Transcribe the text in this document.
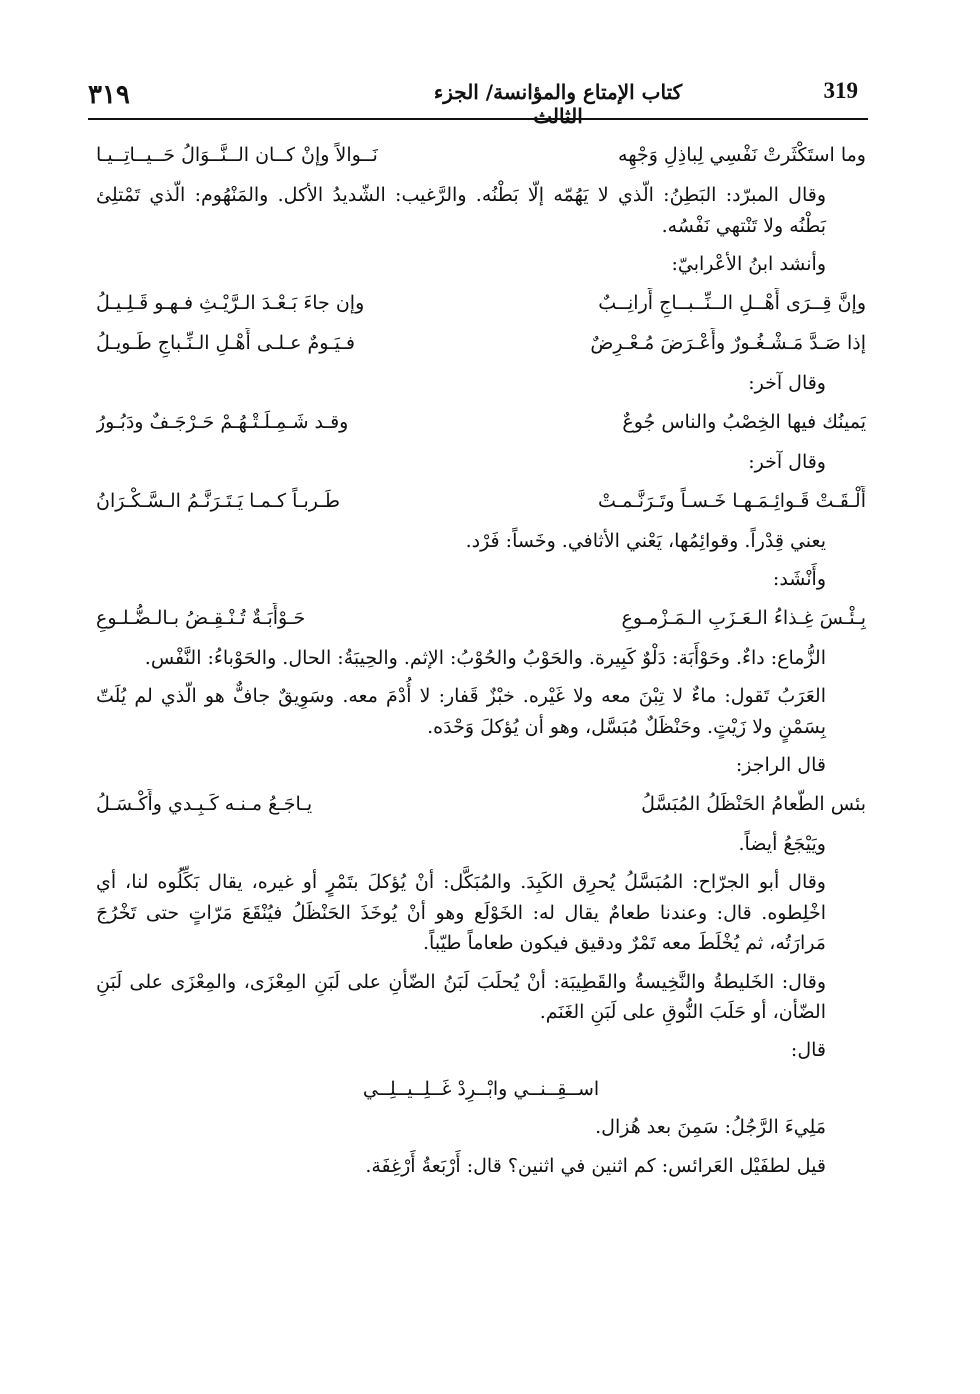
٣١٩	كتاب الإمتاع والمؤانسة/ الجزء الثالث
319
وما استَكْثَرتْ نَفْسِي لِباذِلِ وَجْهِه
نَــوالاً وإنْ كــان الــنَّــوَالُ حَــيــاتِــيـا

وقال المبرّد: البَطِنُ: الّذي لا يَهُمّه إلّا بَطْنُه. والرَّغيب: الشّديدُ الأكل. والمَنْهُوم: الّذي تَمْتلِئ بَطْنُه ولا تَنْتهي نَفْسُه.

وأنشد ابنُ الأعْرابيّ:

وإنَّ قِــرَى أَهْــلِ الــنِّــبــاجِ أَرانِــبٌ
وإن جاءَ بَـعْـدَ الـرَّيْـثِ فـهـو قَـلِـيـلُ
إذا صَـدَّ مَـشْـغُـورٌ وأَعْـرَضَ مُـعْـرِضٌ
فـيَـومٌ عـلـى أَهْـلِ الـنِّـباجِ طَـويـلُ

وقال آخر:

يَمينُك فيها الخِصْبُ والناس جُوعٌ
وقـد شَـمِـلَـتْـهُـمْ حَـرْجَـفٌ ودَبُـورُ

وقال آخر:

أَلْـقَـتْ قَـوائِـمَـهـا خَـسـاً وتَـرَنَّـمـتْ
طَـربـاً كـمـا يَـتَـرَنَّـمُ الـسَّـكْـرَانُ

يعني قِدْراً. وقوائِمُها، يَعْني الأثافي. وخَساً: فَرْد.

وأَنْشَد:

بِـئْـسَ غِـذاءُ الـعَـزَبِ الـمَـزْمـوعِ
حَـوْأَبَـةٌ تُـنْـقِـضُ بـالـضُّـلـوعِ

الزُّماع: داءٌ. وحَوْأَبَة: دَلْوٌ كَبِيرة. والحَوْبُ والحُوْبُ: الإثم. والحِيبَةُ: الحال. والحَوْباءُ: النَّفْس.

العَرَبُ تَقول: ماءٌ لا تِبْنَ معه ولا غَيْره. خبْزٌ قَفار: لا أُدْمَ معه. وسَوِيقٌ جافٌّ هو الّذي لم يُلَتّ بِسَمْنٍ ولا زَيْتٍ. وحَنْظَلٌ مُبَسَّل، وهو أن يُؤكلَ وَحْدَه.

قال الراجز:

بئس الطّعامُ الحَنْظَلُ المُبَسَّلُ
يـاجَـعُ مـنـه كَـبِـدي وأَكْـسَـلُ

ويَيْجَعُ أيضاً.

وقال أبو الجرّاح: المُبَسَّلُ يُحرِق الكَبِدَ. والمُبَكَّل: أنْ يُؤكلَ بتَمْرٍ أو غيره، يقال بَكِّلُوه لنا، أي اخْلِطوه. قال: وعندنا طعامٌ يقال له: الخَوْلَع وهو أنْ يُوخَذَ الحَنْظَلُ فيُنْقَعَ مَرّاتٍ حتى تَخْرُجَ مَرارَتُه، ثم يُخْلَطَ معه تَمْرٌ ودقيق فيكون طعاماً طيّباً.

وقال: الخَليطةُ والنَّخِيسةُ والقَطِيبَة: أنْ يُحلَبَ لَبَنُ الضّأنِ على لَبَنِ المِعْزَى، والمِعْزَى على لَبَنِ الضّأن، أو حَلَبَ النُّوقِ على لَبَنِ الغَنَم.

قال:

اســقِــنــي وابْــرِدْ غَــلِــيــلِــي

مَلِيءَ الرَّجُلُ: سَمِنَ بعد هُزال.

قيل لطفَيْل العَرائس: كم اثنين في اثنين؟ قال: أَرْبَعةُ أَرْغِفَة.
